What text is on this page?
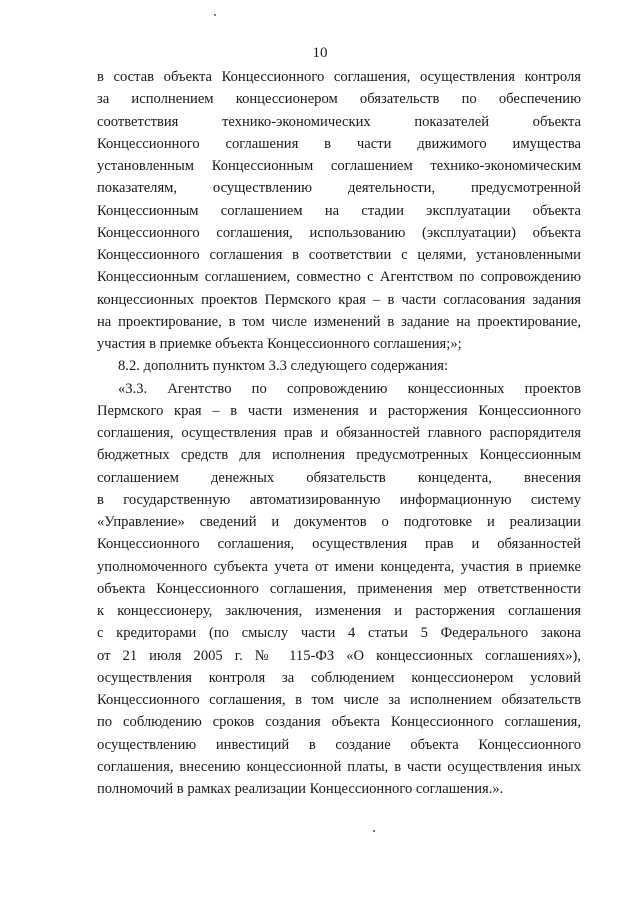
10
в состав объекта Концессионного соглашения, осуществления контроля
за исполнением концессионером обязательств по обеспечению
соответствия технико-экономических показателей объекта
Концессионного соглашения в части движимого имущества
установленным Концессионным соглашением технико-экономическим
показателям, осуществлению деятельности, предусмотренной
Концессионным соглашением на стадии эксплуатации объекта
Концессионного соглашения, использованию (эксплуатации) объекта
Концессионного соглашения в соответствии с целями, установленными
Концессионным соглашением, совместно с Агентством по сопровождению
концессионных проектов Пермского края – в части согласования задания
на проектирование, в том числе изменений в задание на проектирование,
участия в приемке объекта Концессионного соглашения;»;
8.2. дополнить пунктом 3.3 следующего содержания:
«3.3. Агентство по сопровождению концессионных проектов
Пермского края – в части изменения и расторжения Концессионного
соглашения, осуществления прав и обязанностей главного распорядителя
бюджетных средств для исполнения предусмотренных Концессионным
соглашением денежных обязательств концедента, внесения
в государственную автоматизированную информационную систему
«Управление» сведений и документов о подготовке и реализации
Концессионного соглашения, осуществления прав и обязанностей
уполномоченного субъекта учета от имени концедента, участия в приемке
объекта Концессионного соглашения, применения мер ответственности
к концессионеру, заключения, изменения и расторжения соглашения
с кредиторами (по смыслу части 4 статьи 5 Федерального закона
от 21 июля 2005 г. № 115-ФЗ «О концессионных соглашениях»),
осуществления контроля за соблюдением концессионером условий
Концессионного соглашения, в том числе за исполнением обязательств
по соблюдению сроков создания объекта Концессионного соглашения,
осуществлению инвестиций в создание объекта Концессионного
соглашения, внесению концессионной платы, в части осуществления иных
полномочий в рамках реализации Концессионного соглашения.».
